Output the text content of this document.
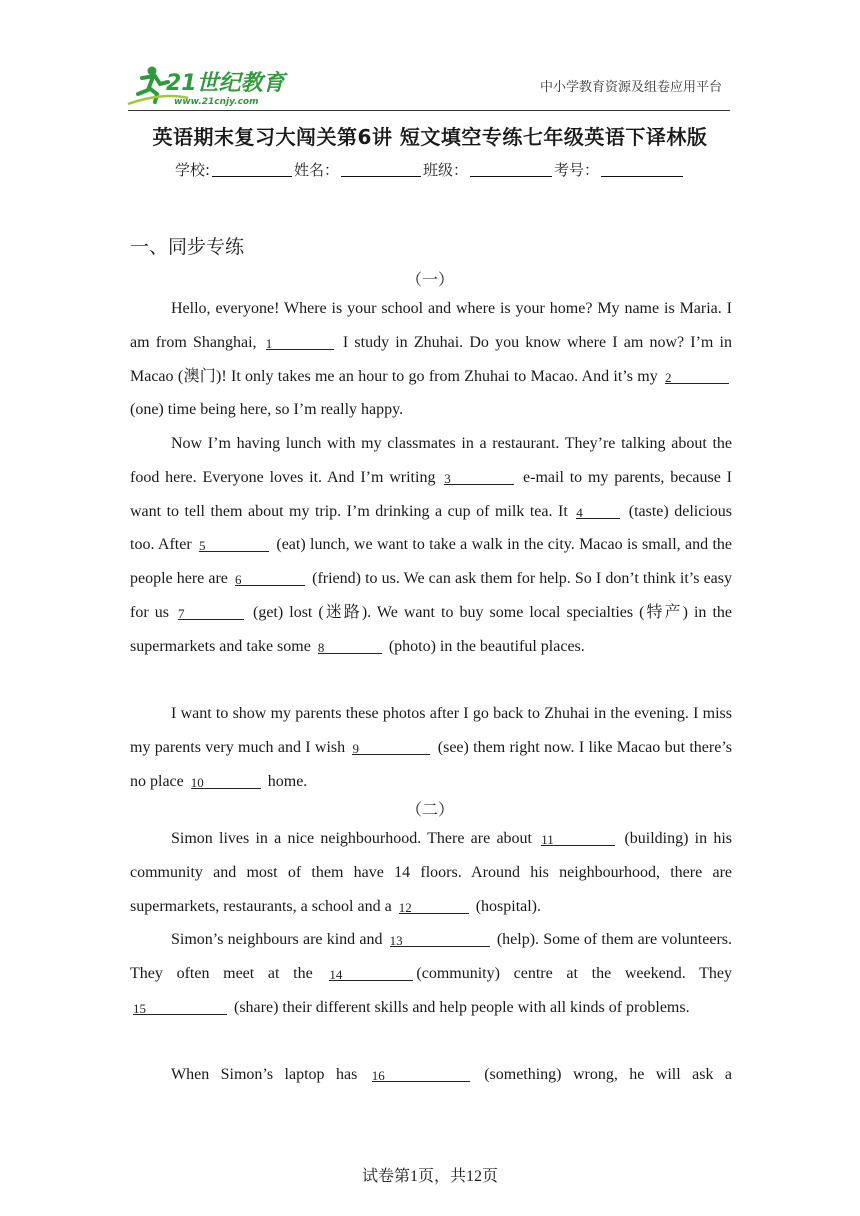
21世纪教育
www.21cnjy.com
中小学教育资源及组卷应用平台
英语期末复习大闯关第6讲 短文填空专练七年级英语下译林版
学校:	姓名：	班级：	考号：
一、同步专练
（一）

Hello, everyone! Where is your school and where is your home? My name is Maria. I am from Shanghai, 1	I study in Zhuhai. Do you know where I am now? I’m in Macao (澳门)! It only takes me an hour to go from Zhuhai to Macao. And it’s my 2
(one) time being here, so I’m really happy.

Now I’m having lunch with my classmates in a restaurant. They’re talking about the food here. Everyone loves it. And I’m writing 3	e-mail to my parents, because I want to tell them about my trip. I’m drinking a cup of milk tea. It 4	(taste) delicious too. After 5	(eat) lunch, we want to take a walk in the city. Macao is small, and the people here are 6	(friend) to us. We can ask them for help. So I don’t think it’s easy for us 7	(get) lost (迷路). We want to buy some local specialties (特产) in the supermarkets and take some 8	(photo) in the beautiful places.

I want to show my parents these photos after I go back to Zhuhai in the evening. I miss my parents very much and I wish 9	(see) them right now. I like Macao but there’s no place 10	home.

（二）

Simon lives in a nice neighbourhood. There are about 11	(building) in his community and most of them have 14 floors. Around his neighbourhood, there are supermarkets, restaurants, a school and a 12	(hospital).

Simon’s neighbours are kind and 13	(help). Some of them are volunteers. They often meet at the 14	(community) centre at the weekend. They
15	(share) their different skills and help people with all kinds of problems.

When Simon’s laptop has 16	(something) wrong, he will ask a

试卷第1页，共12页
